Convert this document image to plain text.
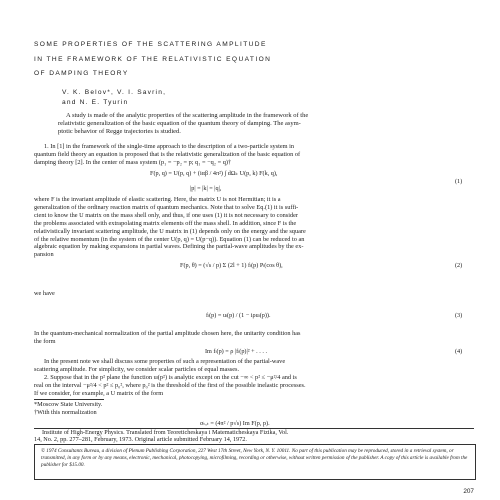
SOME PROPERTIES OF THE SCATTERING AMPLITUDE
IN THE FRAMEWORK OF THE RELATIVISTIC EQUATION
OF DAMPING THEORY
V. K. Belov*, V. I. Savrin,
and N. E. Tyurin

A study is made of the analytic properties of the scattering amplitude in the framework of the

relativistic generalization of the basic equation of the quantum theory of damping. The asym-

ptotic behavior of Regge trajectories is studied.

1. In [1] in the framework of the single-time approach to the description of a two-particle system in

quantum field theory an equation is proposed that is the relativistic generalization of the basic equation of

damping theory [2]. In the center of mass system (p₁ = −p₂ = p; q₁ = −q₂ = q)†

F(p, q) = U(p, q) + (iαβ / 4π²) ∫ dΩₖ U(p, k) F(k, q),
|p| = |k| = |q|,
(1)

where F is the invariant amplitude of elastic scattering. Here, the matrix U is not Hermitian; it is a

generalization of the ordinary reaction matrix of quantum mechanics. Note that to solve Eq.(1) it is suffi-

cient to know the U matrix on the mass shell only, and thus, if one uses (1) it is not necessary to consider

the problems associated with extrapolating matrix elements off the mass shell. In addition, since F is the

relativistically invariant scattering amplitude, the U matrix in (1) depends only on the energy and the square

of the relative momentum (in the system of the center U(p, q) = U(p−q)). Equation (1) can be reduced to an

algebraic equation by making expansions in partial waves. Defining the partial-wave amplitudes by the ex-

pansion

F(p, θ) = (√s / p) Σ (2l + 1) fₗ(p) Pₗ(cos θ),	(2)

we have

fₗ(p) = uₗ(p) / (1 − iρuₗ(p)).	(3)

In the quantum-mechanical normalization of the partial amplitude chosen here, the unitarity condition has

the form

Im fₗ(p) = ρ |fₗ(p)|² + . . . .	(4)

In the present note we shall discuss some properties of such a representation of the partial-wave

scattering amplitude. For simplicity, we consider scalar particles of equal masses.

2. Suppose that in the p² plane the function uₗ(p²) is analytic except on the cut −∞ < p² ≤ −μ²/4 and is

real on the interval −μ²/4 < p² ≤ p₀², where p₀² is the threshold of the first of the possible inelastic processes.

If we consider, for example, a U matrix of the form

*Moscow State University.

†With this normalization

σₜₒₜ = (4π² / p√s) Im F(p, p).
© 1974 Consultants Bureau, a division of Plenum Publishing Corporation, 227 West 17th Street, New York, N. Y. 10011. No part of this publication may be reproduced, stored in a retrieval system, or transmitted, in any form or by any means, electronic, mechanical, photocopying, microfilming, recording or otherwise, without written permission of the publisher. A copy of this article is available from the publisher for $15.00.

Institute of High-Energy Physics. Translated from Teoreticheskaya i Matematicheskaya Fizika, Vol.

14, No. 2, pp. 277–281, February, 1973. Original article submitted February 14, 1972.

207
